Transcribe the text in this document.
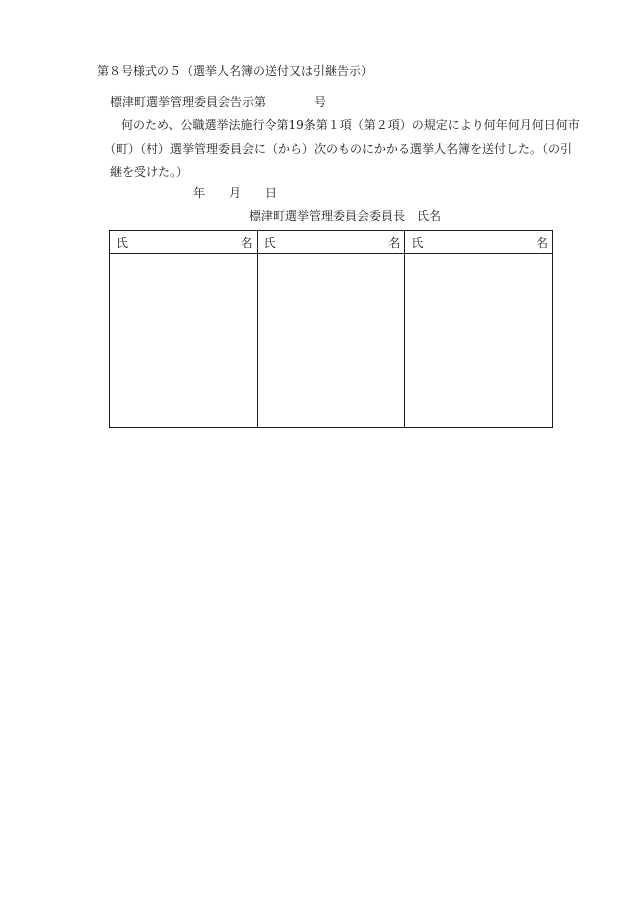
第８号様式の５（選挙人名簿の送付又は引継告示）
標津町選挙管理委員会告示第	号
何のため、公職選挙法施行令第19条第１項（第２項）の規定により何年何月何日何市
（町）（村）選挙管理委員会に（から）次のものにかかる選挙人名簿を送付した。（の引
継を受けた。）
年 月 日
標津町選挙管理委員会委員長 氏名
氏	名 氏	名 氏	名
